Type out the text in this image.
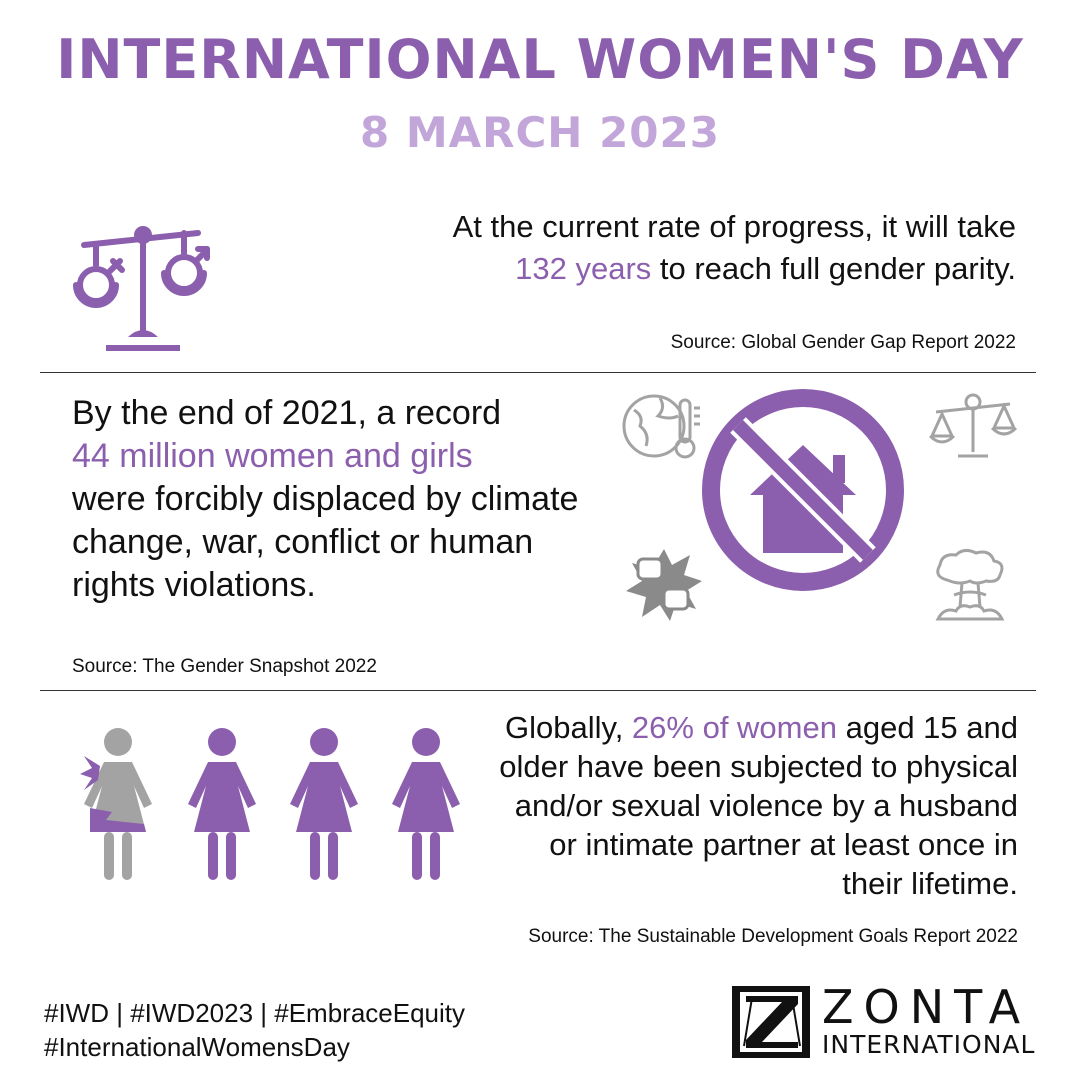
INTERNATIONAL WOMEN'S DAY
8 MARCH 2023
At the current rate of progress, it will take
132 years to reach full gender parity.
Source: Global Gender Gap Report 2022
By the end of 2021, a record
44 million women and girls
were forcibly displaced by climate change, war, conflict or human rights violations.
Source: The Gender Snapshot 2022
Globally, 26% of women aged 15 and older have been subjected to physical and/or sexual violence by a husband or intimate partner at least once in their lifetime.
Source: The Sustainable Development Goals Report 2022
#IWD | #IWD2023 | #EmbraceEquity
#InternationalWomensDay
ZONTA
INTERNATIONAL
